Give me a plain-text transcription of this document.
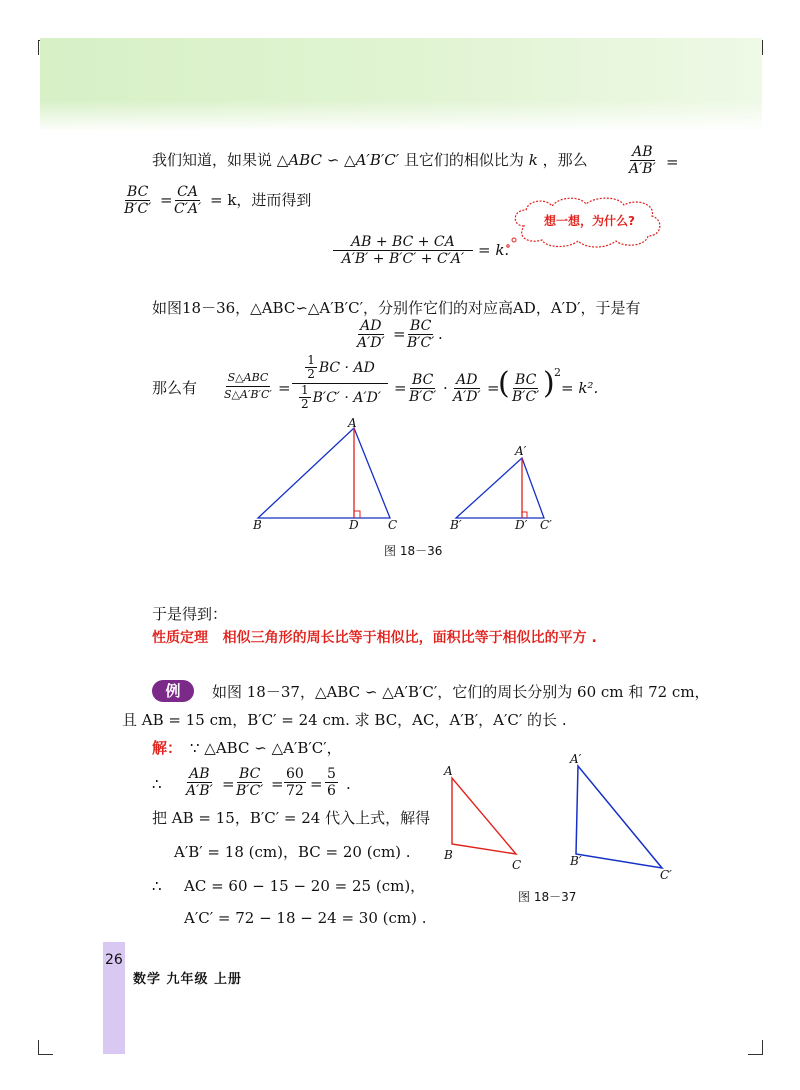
我们知道，如果说 △ABC ∽ △A′B′C′ 且它们的相似比为 k ，那么	$\frac{AB}{A'B'}$ =
$\frac{BC}{B'C'} = \frac{CA}{C'A'} = k$，进而得到
想一想，为什么?
$\frac{AB + BC + CA}{A'B' + B'C' + C'A'} = k$.
如图18－36，△ABC∽△A′B′C′，分别作它们的对应高AD，A′D′，于是有
$\frac{AD}{A'D'} = \frac{BC}{B'C'}$ .
那么有 $\frac{\text{S△ABC}}{S\triangle A'B'C'}$ =
$\frac{1}{2}$ BC · AD
$\frac{1}{2} B'C' \cdot A'D'$
= $\frac{BC}{B'C'} \cdot \frac{AD}{A'D'}$ =
( $\frac{BC}{B'C'}$ ) 2
= k².
A
B	D C
A′
B′	D′ C′
图 18－36
于是得到：
性质定理 相似三角形的周长比等于相似比，面积比等于相似比的平方 .
例	如图 18－37，△ABC ∽ △A′B′C′，它们的周长分别为 60 cm 和 72 cm，
且 AB = 15 cm，B′C′ = 24 cm. 求 BC，AC，A′B′，A′C′ 的长 .
解： ∵ △ABC ∽ △A′B′C′，
∴ $\frac{AB}{A'B'} = \frac{BC}{B'C'} = \frac{60}{72} = \frac{5}{6}$ .
把 AB = 15，B′C′ = 24 代入上式，解得
A′B′ = 18 (cm)，BC = 20 (cm) .
∴ AC = 60 − 15 − 20 = 25 (cm)，
A′C′ = 72 − 18 − 24 = 30 (cm) .
A
B
C
A′
B′
C′
图 18－37
26
数学 九年级 上册
